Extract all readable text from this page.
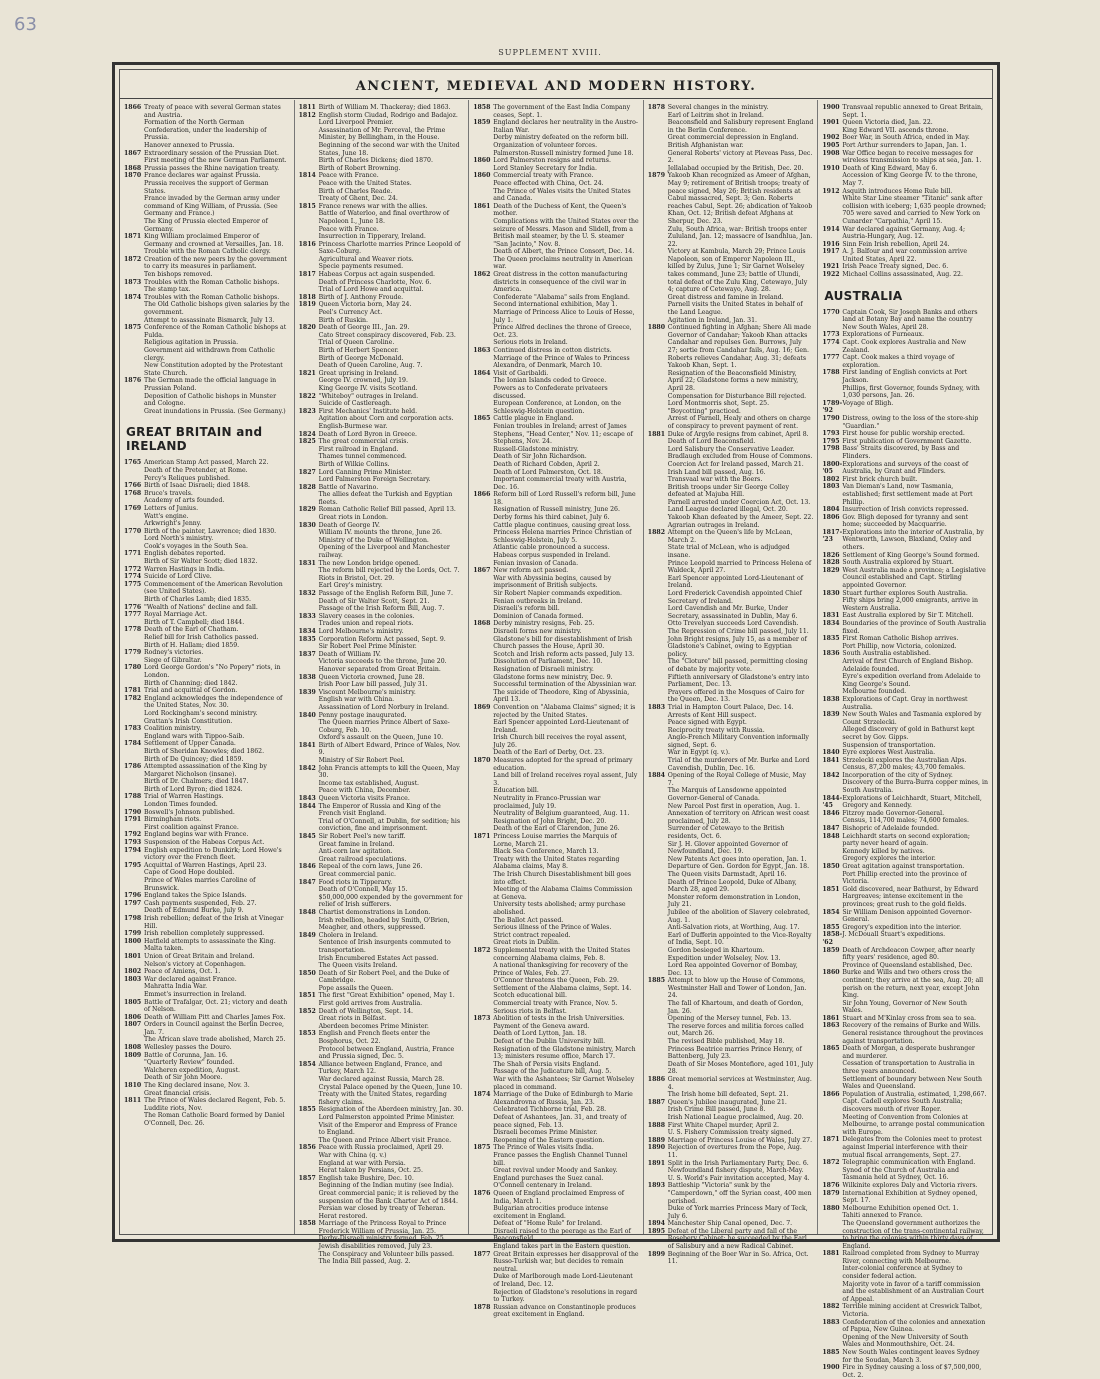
63
SUPPLEMENT XVIII.
ANCIENT, MEDIEVAL AND MODERN HISTORY.
1866 Treaty of peace with several German states and Austria.
Formation of the North German Confederation, under the leadership of Prussia.
Hanover annexed to Prussia.
1867 Extraordinary session of the Prussian Diet.
First meeting of the new German Parliament.
1868 Prussia passes the Rhine navigation treaty.
1870 France declares war against Prussia.
Prussia receives the support of German States.
France invaded by the German army under command of King William, of Prussia. (See Germany and France.)
The King of Prussia elected Emperor of Germany.
1871 King William proclaimed Emperor of Germany and crowned at Versailles, Jan. 18.
Trouble with the Roman Catholic clergy.
1872 Creation of the new peers by the government to carry its measures in parliament.
Ten bishops removed.
1873 Troubles with the Roman Catholic bishops. The stamp tax.
1874 Troubles with the Roman Catholic bishops.
The Old Catholic bishops given salaries by the government.
Attempt to assassinate Bismarck, July 13.
1875 Conference of the Roman Catholic bishops at Fulda.
Religious agitation in Prussia.
Government aid withdrawn from Catholic clergy.
New Constitution adopted by the Protestant State Church.
1876 The German made the official language in Prussian Poland.
Deposition of Catholic bishops in Munster and Cologne.
Great inundations in Prussia. (See Germany.)
GREAT BRITAIN and IRELAND
1765 American Stamp Act passed, March 22.
Death of the Pretender, at Rome.
Percy's Reliques published.
1766 Birth of Isaac Disraeli; died 1848.
1768 Bruce's travels.
Academy of arts founded.
1769 Letters of Junius.
Watt's engine.
Arkwright's Jenny.
1770 Birth of the painter, Lawrence; died 1830.
Lord North's ministry.
Cook's voyages in the South Sea.
1771 English debates reported.
Birth of Sir Walter Scott; died 1832.
1772 Warren Hastings in India.
1774 Suicide of Lord Clive.
1775 Commencement of the American Revolution (see United States).
Birth of Charles Lamb; died 1835.
1776 "Wealth of Nations" decline and fall.
1777 Royal Marriage Act.
Birth of T. Campbell; died 1844.
1778 Death of the Earl of Chatham.
Relief bill for Irish Catholics passed.
Birth of H. Hallam; died 1859.
1779 Rodney's victories.
Siege of Gibraltar.
1780 Lord George Gordon's "No Popery" riots, in London.
Birth of Channing; died 1842.
1781 Trial and acquittal of Gordon.
1782 England acknowledges the independence of the United States, Nov. 30.
Lord Rockingham's second ministry.
Grattan's Irish Constitution.
1783 Coalition ministry.
England wars with Tippoo-Saib.
1784 Settlement of Upper Canada.
Birth of Sheridan Knowles; died 1862.
Birth of De Quincey; died 1859.
1786 Attempted assassination of the King by Margaret Nicholson (insane).
Birth of Dr. Chalmers; died 1847.
Birth of Lord Byron; died 1824.
1788 Trial of Warren Hastings.
London Times founded.
1790 Boswell's Johnson published.
1791 Birmingham riots.
First coalition against France.
1792 England begins war with France.
1793 Suspension of the Habeas Corpus Act.
1794 English expedition to Dunkirk; Lord Howe's victory over the French fleet.
1795 Acquittal of Warren Hastings, April 23.
Cape of Good Hope doubled.
Prince of Wales marries Caroline of Brunswick.
1796 England takes the Spice Islands.
1797 Cash payments suspended, Feb. 27.
Death of Edmund Burke, July 9.
1798 Irish rebellion; defeat of the Irish at Vinegar Hill.
1799 Irish rebellion completely suppressed.
1800 Hatfield attempts to assassinate the King.
Malta taken.
1801 Union of Great Britain and Ireland.
Nelson's victory at Copenhagen.
1802 Peace of Amiens, Oct. 1.
1803 War declared against France.
Mahratta India War.
Emmet's insurrection in Ireland.
1805 Battle of Trafalgar, Oct. 21; victory and death of Nelson.
1806 Death of William Pitt and Charles James Fox.
1807 Orders in Council against the Berlin Decree, Jan. 7.
The African slave trade abolished, March 25.
1808 Wellesley passes the Douro.
1809 Battle of Corunna, Jan. 16.
"Quarterly Review" founded.
Walcheren expedition, August.
Death of Sir John Moore.
1810 The King declared insane, Nov. 3.
Great financial crisis.
1811 The Prince of Wales declared Regent, Feb. 5.
Luddite riots, Nov.
The Roman Catholic Board formed by Daniel O'Connell, Dec. 26.
1811 Birth of William M. Thackeray; died 1863.
1812 English storm Ciudad, Rodrigo and Badajoz.
Lord Liverpool Premier.
Assassination of Mr. Perceval, the Prime Minister, by Bellingham, in the House.
Beginning of the second war with the United States, June 18.
Birth of Charles Dickens; died 1870.
Birth of Robert Browning.
1814 Peace with France.
Peace with the United States.
Birth of Charles Reade.
Treaty of Ghent, Dec. 24.
1815 France renews war with the allies.
Battle of Waterloo, and final overthrow of Napoleon I., June 18.
Peace with France.
Insurrection in Tipperary, Ireland.
1816 Princess Charlotte marries Prince Leopold of Saxe-Coburg.
Agricultural and Weaver riots.
Specie payments resumed.
1817 Habeas Corpus act again suspended.
Death of Princess Charlotte, Nov. 6.
Trial of Lord Howe and acquittal.
1818 Birth of J. Anthony Froude.
1819 Queen Victoria born, May 24.
Peel's Currency Act.
Birth of Ruskin.
1820 Death of George III., Jan. 29.
Cato Street conspiracy discovered, Feb. 23.
Trial of Queen Caroline.
Birth of Herbert Spencer.
Birth of George McDonald.
Death of Queen Caroline, Aug. 7.
1821 Great uprising in Ireland.
George IV. crowned, July 19.
King George IV. visits Scotland.
1822 "Whiteboy" outrages in Ireland.
Suicide of Castlereagh.
1823 First Mechanics' Institute held.
Agitation about Corn and corporation acts.
English-Burmese war.
1824 Death of Lord Byron in Greece.
1825 The great commercial crisis.
First railroad in England.
Thames tunnel commenced.
Birth of Wilkie Collins.
1827 Lord Canning Prime Minister.
Lord Palmerston Foreign Secretary.
1828 Battle of Navarino.
The allies defeat the Turkish and Egyptian fleets.
1829 Roman Catholic Relief Bill passed, April 13.
Great riots in London.
1830 Death of George IV.
William IV. mounts the throne, June 26.
Ministry of the Duke of Wellington.
Opening of the Liverpool and Manchester railway.
1831 The new London bridge opened.
The reform bill rejected by the Lords, Oct. 7.
Riots in Bristol, Oct. 29.
Earl Grey's ministry.
1832 Passage of the English Reform Bill, June 7.
Death of Sir Walter Scott, Sept. 21.
Passage of the Irish Reform Bill, Aug. 7.
1833 Slavery ceases in the colonies.
Trades union and repeal riots.
1834 Lord Melbourne's ministry.
1835 Corporation Reform Act passed, Sept. 9.
Sir Robert Peel Prime Minister.
1837 Death of William IV.
Victoria succeeds to the throne, June 20.
Hanover separated from Great Britain.
1838 Queen Victoria crowned, June 28.
Irish Poor Law bill passed, July 31.
1839 Viscount Melbourne's ministry.
English war with China.
Assassination of Lord Norbury in Ireland.
1840 Penny postage inaugurated.
The Queen marries Prince Albert of Saxe-Coburg, Feb. 10.
Oxford's assault on the Queen, June 10.
1841 Birth of Albert Edward, Prince of Wales, Nov. 9.
Ministry of Sir Robert Peel.
1842 John Francis attempts to kill the Queen, May 30.
Income tax established, August.
Peace with China, December.
1843 Queen Victoria visits France.
1844 The Emperor of Russia and King of the French visit England.
Trial of O'Connell, at Dublin, for sedition; his conviction, fine and imprisonment.
1845 Sir Robert Peel's new tariff.
Great famine in Ireland.
Anti-corn law agitation.
Great railroad speculations.
1846 Repeal of the corn laws, June 26.
Great commercial panic.
1847 Food riots in Tipperary.
Death of O'Connell, May 15.
$50,000,000 expended by the government for relief of Irish sufferers.
1848 Chartist demonstrations in London.
Irish rebellion, headed by Smith, O'Brien, Meagher, and others, suppressed.
1849 Cholera in Ireland.
Sentence of Irish insurgents commuted to transportation.
Irish Encumbered Estates Act passed.
The Queen visits Ireland.
1850 Death of Sir Robert Peel, and the Duke of Cambridge.
Pope assails the Queen.
1851 The first "Great Exhibition" opened, May 1.
First gold arrives from Australia.
1852 Death of Wellington, Sept. 14.
Great riots in Belfast.
Aberdeen becomes Prime Minister.
1853 English and French fleets enter the Bosphorus, Oct. 22.
Protocol between England, Austria, France and Prussia signed, Dec. 5.
1854 Alliance between England, France, and Turkey, March 12.
War declared against Russia, March 28.
Crystal Palace opened by the Queen, June 10.
Treaty with the United States, regarding fishery claims.
1855 Resignation of the Aberdeen ministry, Jan. 30.
Lord Palmerston appointed Prime Minister.
Visit of the Emperor and Empress of France to England.
The Queen and Prince Albert visit France.
1856 Peace with Russia proclaimed, April 29.
War with China (q. v.)
England at war with Persia.
Herat taken by Persians, Oct. 25.
1857 English take Bushire, Dec. 10.
Beginning of the Indian mutiny (see India).
Great commercial panic; it is relieved by the suspension of the Bank Charter Act of 1844.
Persian war closed by treaty of Teheran.
Herat restored.
1858 Marriage of the Princess Royal to Prince Frederick William of Prussia, Jan. 25.
Derby-Disraeli ministry formed, Feb. 25.
Jewish disabilities removed, July 23.
The Conspiracy and Volunteer bills passed.
The India Bill passed, Aug. 2.
1858 The government of the East India Company ceases, Sept. 1.
1859 England declares her neutrality in the Austro-Italian War.
Derby ministry defeated on the reform bill.
Organization of volunteer forces.
Palmerston-Russell ministry formed June 18.
1860 Lord Palmerston resigns and returns.
Lord Stanley Secretary for India.
1860 Commercial treaty with France.
Peace effected with China, Oct. 24.
The Prince of Wales visits the United States and Canada.
1861 Death of the Duchess of Kent, the Queen's mother.
Complications with the United States over the seizure of Messrs. Mason and Slidell, from a British mail steamer, by the U. S. steamer "San Jacinto," Nov. 8.
Death of Albert, the Prince Consort, Dec. 14.
The Queen proclaims neutrality in American war.
1862 Great distress in the cotton manufacturing districts in consequence of the civil war in America.
Confederate "Alabama" sails from England.
Second international exhibition, May 1.
Marriage of Princess Alice to Louis of Hesse, July 1.
Prince Alfred declines the throne of Greece, Oct. 23.
Serious riots in Ireland.
1863 Continued distress in cotton districts.
Marriage of the Prince of Wales to Princess Alexandra, of Denmark, March 10.
1864 Visit of Garibaldi.
The Ionian Islands ceded to Greece.
Powers as to Confederate privateers discussed.
European Conference, at London, on the Schleswig-Holstein question.
1865 Cattle plague in England.
Fenian troubles in Ireland; arrest of James Stephens, "Head Center," Nov. 11; escape of Stephens, Nov. 24.
Russell-Gladstone ministry.
Death of Sir John Richardson.
Death of Richard Cobden, April 2.
Death of Lord Palmerston, Oct. 18.
Important commercial treaty with Austria, Dec. 16.
1866 Reform bill of Lord Russell's reform bill, June 18.
Resignation of Russell ministry, June 26.
Derby forms his third cabinet, July 6.
Cattle plague continues, causing great loss.
Princess Helena marries Prince Christian of Schleswig-Holstein, July 5.
Atlantic cable pronounced a success.
Habeas corpus suspended in Ireland.
Fenian invasion of Canada.
1867 New reform act passed.
War with Abyssinia begins, caused by imprisonment of British subjects.
Sir Robert Napier commands expedition.
Fenian outbreaks in Ireland.
Disraeli's reform bill.
Dominion of Canada formed.
1868 Derby ministry resigns, Feb. 25.
Disraeli forms new ministry.
Gladstone's bill for disestablishment of Irish Church passes the House, April 30.
Scotch and Irish reform acts passed, July 13.
Dissolution of Parliament, Dec. 10.
Resignation of Disraeli ministry.
Gladstone forms new ministry, Dec. 9.
Successful termination of the Abyssinian war.
The suicide of Theodore, King of Abyssinia, April 13.
1869 Convention on "Alabama Claims" signed; it is rejected by the United States.
Earl Spencer appointed Lord-Lieutenant of Ireland.
Irish Church bill receives the royal assent, July 26.
Death of the Earl of Derby, Oct. 23.
1870 Measures adopted for the spread of primary education.
Land bill of Ireland receives royal assent, July 3.
Education bill.
Neutrality in Franco-Prussian war proclaimed, July 19.
Neutrality of Belgium guaranteed, Aug. 11.
Resignation of John Bright, Dec. 20.
Death of the Earl of Clarendon, June 26.
1871 Princess Louise marries the Marquis of Lorne, March 21.
Black Sea Conference, March 13.
Treaty with the United States regarding Alabama claims, May 8.
The Irish Church Disestablishment bill goes into effect.
Meeting of the Alabama Claims Commission at Geneva.
University tests abolished; army purchase abolished.
The Ballot Act passed.
Serious illness of the Prince of Wales.
Strict contract repealed.
Great riots in Dublin.
1872 Supplemental treaty with the United States concerning Alabama claims, Feb. 8.
A national thanksgiving for recovery of the Prince of Wales, Feb. 27.
O'Connor threatens the Queen, Feb. 29.
Settlement of the Alabama claims, Sept. 14.
Scotch educational bill.
Commercial treaty with France, Nov. 5.
Serious riots in Belfast.
1873 Abolition of tests in the Irish Universities.
Payment of the Geneva award.
Death of Lord Lytton, Jan. 18.
Defeat of the Dublin University bill.
Resignation of the Gladstone ministry, March 13; ministers resume office, March 17.
The Shah of Persia visits England.
Passage of the Judicature bill, Aug. 5.
War with the Ashantees; Sir Garnet Wolseley placed in command.
1874 Marriage of the Duke of Edinburgh to Marie Alexandrovna of Russia, Jan. 23.
Celebrated Tichborne trial, Feb. 28.
Defeat of Ashantees, Jan. 31, and treaty of peace signed, Feb. 13.
Disraeli becomes Prime Minister.
Reopening of the Eastern question.
1875 The Prince of Wales visits India.
France passes the English Channel Tunnel bill.
Great revival under Moody and Sankey.
England purchases the Suez canal.
O'Connell centenary in Ireland.
1876 Queen of England proclaimed Empress of India, March 1.
Bulgarian atrocities produce intense excitement in England.
Defeat of "Home Rule" for Ireland.
Disraeli raised to the peerage as the Earl of Beaconsfield.
England takes part in the Eastern question.
1877 Great Britain expresses her disapproval of the Russo-Turkish war, but decides to remain neutral.
Duke of Marlborough made Lord-Lieutenant of Ireland, Dec. 12.
Rejection of Gladstone's resolutions in regard to Turkey.
1878 Russian advance on Constantinople produces great excitement in England.
1878 Several changes in the ministry.
Earl of Leitrim shot in Ireland.
Beaconsfield and Salisbury represent England in the Berlin Conference.
Great commercial depression in England.
British Afghanistan war.
General Roberts' victory at Pleveas Pass, Dec. 2.
Jellalabad occupied by the British, Dec. 20.
1879 Yakoob Khan recognized as Ameer of Afghan, May 9; retirement of British troops; treaty of peace signed, May 26; British residents at Cabul massacred, Sept. 3; Gen. Roberts reaches Cabul, Sept. 26; abdication of Yakoob Khan, Oct. 12; British defeat Afghans at Sherpur, Dec. 23.
Zulu, South Africa, war: British troops enter Zululand, Jan. 12; massacre of Isandhlua, Jan. 22.
Victory at Kambula, March 29; Prince Louis Napoleon, son of Emperor Napoleon III., killed by Zulus, June 1; Sir Garnet Wolseley takes command, June 23; battle of Ulundi, total defeat of the Zulu King, Cetewayo, July 4; capture of Cetewayo, Aug. 28.
Great distress and famine in Ireland.
Parnell visits the United States in behalf of the Land League.
Agitation in Ireland, Jan. 31.
1880 Continued fighting in Afghan; Shere Ali made Governor of Candahar; Yakoob Khan attacks Candahar and repulses Gen. Burrows, July 27; sortie from Candahar fails, Aug. 16; Gen. Roberts relieves Candahar, Aug. 31; defeats Yakoob Khan, Sept. 1.
Resignation of the Beaconsfield Ministry, April 22; Gladstone forms a new ministry, April 28.
Compensation for Disturbance Bill rejected.
Lord Montmorris shot, Sept. 25.
"Boycotting" practiced.
Arrest of Parnell, Healy and others on charge of conspiracy to prevent payment of rent.
1881 Duke of Argyle resigns from cabinet, April 8.
Death of Lord Beaconsfield.
Lord Salisbury the Conservative Leader.
Bradlaugh excluded from House of Commons.
Coercion Act for Ireland passed, March 21.
Irish Land bill passed, Aug. 16.
Transvaal war with the Boers.
British troops under Sir George Colley defeated at Majuba Hill.
Parnell arrested under Coercion Act, Oct. 13.
Land League declared illegal, Oct. 20.
Yakoob Khan defeated by the Ameer, Sept. 22.
Agrarian outrages in Ireland.
1882 Attempt on the Queen's life by McLean, March 2.
State trial of McLean, who is adjudged insane.
Prince Leopold married to Princess Helena of Waldeck, April 27.
Earl Spencer appointed Lord-Lieutenant of Ireland.
Lord Frederick Cavendish appointed Chief Secretary of Ireland.
Lord Cavendish and Mr. Burke, Under Secretary, assassinated in Dublin, May 6.
Otto Trevelyan succeeds Lord Cavendish.
The Repression of Crime bill passed, July 11.
John Bright resigns, July 15, as a member of Gladstone's Cabinet, owing to Egyptian policy.
The "Cloture" bill passed, permitting closing of debate by majority vote.
Fiftieth anniversary of Gladstone's entry into Parliament, Dec. 13.
Prayers offered in the Mosques of Cairo for the Queen, Dec. 13.
1883 Trial in Hampton Court Palace, Dec. 14.
Arrests of Kent Hill suspect.
Peace signed with Egypt.
Reciprocity treaty with Russia.
Anglo-French Military Convention informally signed, Sept. 6.
War in Egypt (q. v.).
Trial of the murderers of Mr. Burke and Lord Cavendish, Dublin, Dec. 16.
1884 Opening of the Royal College of Music, May 7.
The Marquis of Lansdowne appointed Governor-General of Canada.
New Parcel Post first in operation, Aug. 1.
Annexation of territory on African west coast proclaimed, July 28.
Surrender of Cetewayo to the British residents, Oct. 6.
Sir J. H. Glover appointed Governor of Newfoundland, Dec. 19.
New Patents Act goes into operation, Jan. 1.
Departure of Gen. Gordon for Egypt, Jan. 18.
The Queen visits Darmstadt, April 16.
Death of Prince Leopold, Duke of Albany, March 28, aged 29.
Monster reform demonstration in London, July 21.
Jubilee of the abolition of Slavery celebrated, Aug. 1.
Anti-Salvation riots, at Worthing, Aug. 17.
Earl of Dufferin appointed to the Vice-Royalty of India, Sept. 10.
Gordon besieged in Khartoum.
Expedition under Wolseley, Nov. 13.
Lord Rea appointed Governor of Bombay, Dec. 13.
1885 Attempt to blow up the House of Commons, Westminster Hall and Tower of London, Jan. 24.
The fall of Khartoum, and death of Gordon, Jan. 26.
Opening of the Mersey tunnel, Feb. 13.
The reserve forces and militia forces called out, March 26.
The revised Bible published, May 18.
Princess Beatrice marries Prince Henry, of Battenberg, July 23.
Death of Sir Moses Montefiore, aged 101, July 28.
1886 Great memorial services at Westminster, Aug. 4.
The Irish home bill defeated, Sept. 21.
1887 Queen's Jubilee inaugurated, June 21.
Irish Crime Bill passed, June 8.
Irish National League proclaimed, Aug. 20.
1888 First White Chapel murder, April 2.
U. S. Fishery Commission treaty signed.
1889 Marriage of Princess Louise of Wales, July 27.
1890 Rejection of overtures from the Pope, Aug. 11.
1891 Split in the Irish Parliamentary Party, Dec. 6.
Newfoundland fishery dispute, March-May.
U. S. World's Fair invitation accepted, May 4.
1893 Battleship "Victoria" sunk by the "Camperdown," off the Syrian coast, 400 men perished.
Duke of York marries Princess Mary of Teck, July 6.
1894 Manchester Ship Canal opened, Dec. 7.
1895 Defeat of the Liberal party and fall of the Rosebery Cabinet; he succeeded by the Earl of Salisbury and a new Radical Cabinet.
1899 Beginning of the Boer War in So. Africa, Oct. 11.
1900 Transvaal republic annexed to Great Britain, Sept. 1.
1901 Queen Victoria died, Jan. 22.
King Edward VII. ascends throne.
1902 Boer War, in South Africa, ended in May.
1905 Port Arthur surrenders to Japan, Jan. 1.
1908 War Office began to receive messages for wireless transmission to ships at sea, Jan. 1.
1910 Death of King Edward, May 6.
Accession of King George IV. to the throne, May 7.
1912 Asquith introduces Home Rule bill.
White Star Line steamer "Titanic" sank after collision with iceberg; 1,635 people drowned; 705 were saved and carried to New York on Cunarder "Carpathia," April 15.
1914 War declared against Germany, Aug. 4; Austria-Hungary, Aug. 12.
1916 Sinn Fein Irish rebellion, April 24.
1917 A. J. Balfour and war commission arrive United States, April 22.
1921 Irish Peace Treaty signed, Dec. 6.
1922 Michael Collins assassinated, Aug. 22.
AUSTRALIA
1770 Captain Cook, Sir Joseph Banks and others land at Botany Bay and name the country New South Wales, April 28.
1773 Explorations of Furneaux.
1774 Capt. Cook explores Australia and New Zealand.
1777 Capt. Cook makes a third voyage of exploration.
1788 First landing of English convicts at Port Jackson.
Phillips, first Governor, founds Sydney, with 1,030 persons, Jan. 26.
1789-'92
Voyage of Bligh.
1790 Distress, owing to the loss of the store-ship "Guardian."
1793 First house for public worship erected.
1795 First publication of Government Gazette.
1798 Bass' Straits discovered, by Bass and Flinders.
1800-'05
Explorations and surveys of the coast of Australia, by Grant and Flinders.
1802 First brick church built.
1803 Van Dieman's Land, now Tasmania, established; first settlement made at Port Phillip.
1804 Insurrection of Irish convicts repressed.
1806 Gov. Bligh deposed for tyranny and sent home; succeeded by Macquarrie.
1817-'23
Explorations into the interior of Australia, by Wentworth, Lawson, Blaxland, Oxley and others.
1826 Settlement of King George's Sound formed.
1828 South Australia explored by Stuart.
1829 West Australia made a province; a Legislative Council established and Capt. Stirling appointed Governor.
1830 Stuart further explores South Australia.
Fifty ships bring 2,000 emigrants, arrive in Western Australia.
1831 East Australia explored by Sir T. Mitchell.
1834 Boundaries of the province of South Australia fixed.
1835 First Roman Catholic Bishop arrives.
Port Phillip, now Victoria, colonized.
1836 South Australia established.
Arrival of first Church of England Bishop.
Adelaide founded.
Eyre's expedition overland from Adelaide to King George's Sound.
Melbourne founded.
1838 Explorations of Capt. Gray in northwest Australia.
1839 New South Wales and Tasmania explored by Count Strzelecki.
Alleged discovery of gold in Bathurst kept secret by Gov. Gipps.
Suspension of transportation.
1840 Eyre explores West Australia.
1841 Strzelecki explores the Australian Alps.
Census, 87,200 males; 43,700 females.
1842 Incorporation of the city of Sydney.
Discovery of the Burra-Burra copper mines, in South Australia.
1844-'45
Explorations of Leichhardt, Stuart, Mitchell, Gregory and Kennedy.
1846 Fitzroy made Governor-General.
Census, 114,700 males; 74,600 females.
1847 Bishopric of Adelaide founded.
1848 Leichhardt starts on second exploration; party never heard of again.
Kennedy killed by natives.
Gregory explores the interior.
1850 Great agitation against transportation.
Port Phillip erected into the province of Victoria.
1851 Gold discovered, near Bathurst, by Edward Hargreaves; intense excitement in the provinces; great rush to the gold fields.
1854 Sir William Denison appointed Governor-General.
1855 Gregory's expedition into the interior.
1858-'62
J. McDouall Stuart's expeditions.
1859 Death of Archdeacon Cowper, after nearly fifty years' residence, aged 80.
Province of Queensland established, Dec.
1860 Burke and Wills and two others cross the continent; they arrive at the sea, Aug. 20; all perish on the return, next year, except John King.
Sir John Young, Governor of New South Wales.
1861 Stuart and M'Kinlay cross from sea to sea.
1863 Recovery of the remains of Burke and Wills.
General resistance throughout the provinces against transportation.
1865 Death of Morgan, a desperate bushranger and murderer.
Cessation of transportation to Australia in three years announced.
Settlement of boundary between New South Wales and Queensland.
1866 Population of Australia, estimated, 1,298,667.
Capt. Cadell explores South Australia; discovers mouth of river Roper.
Meeting of Convention from Colonies at Melbourne, to arrange postal communication with Europe.
1871 Delegates from the Colonies meet to protest against Imperial interference with their mutual fiscal arrangements, Sept. 27.
1872 Telegraphic communication with England.
Synod of the Church of Australia and Tasmania held at Sydney, Oct. 16.
1876 Wilkinite explores Daly and Victoria rivers.
1879 International Exhibition at Sydney opened, Sept. 17.
1880 Melbourne Exhibition opened Oct. 1.
Tahiti annexed to France.
The Queensland government authorizes the construction of the trans-continental railway, to bring the colonies within thirty days of England.
1881 Railroad completed from Sydney to Murray River, connecting with Melbourne.
Inter-colonial conference at Sydney to consider federal action.
Majority vote in favor of a tariff commission and the establishment of an Australian Court of Appeal.
1882 Terrible mining accident at Creswick Talbot, Victoria.
1883 Confederation of the colonies and annexation of Papua, New Guinea.
Opening of the New University of South Wales and Monmouthshire, Oct. 24.
1885 New South Wales contingent leaves Sydney for the Soudan, March 3.
1900 Fire in Sydney causing a loss of $7,500,000, Oct. 2.
